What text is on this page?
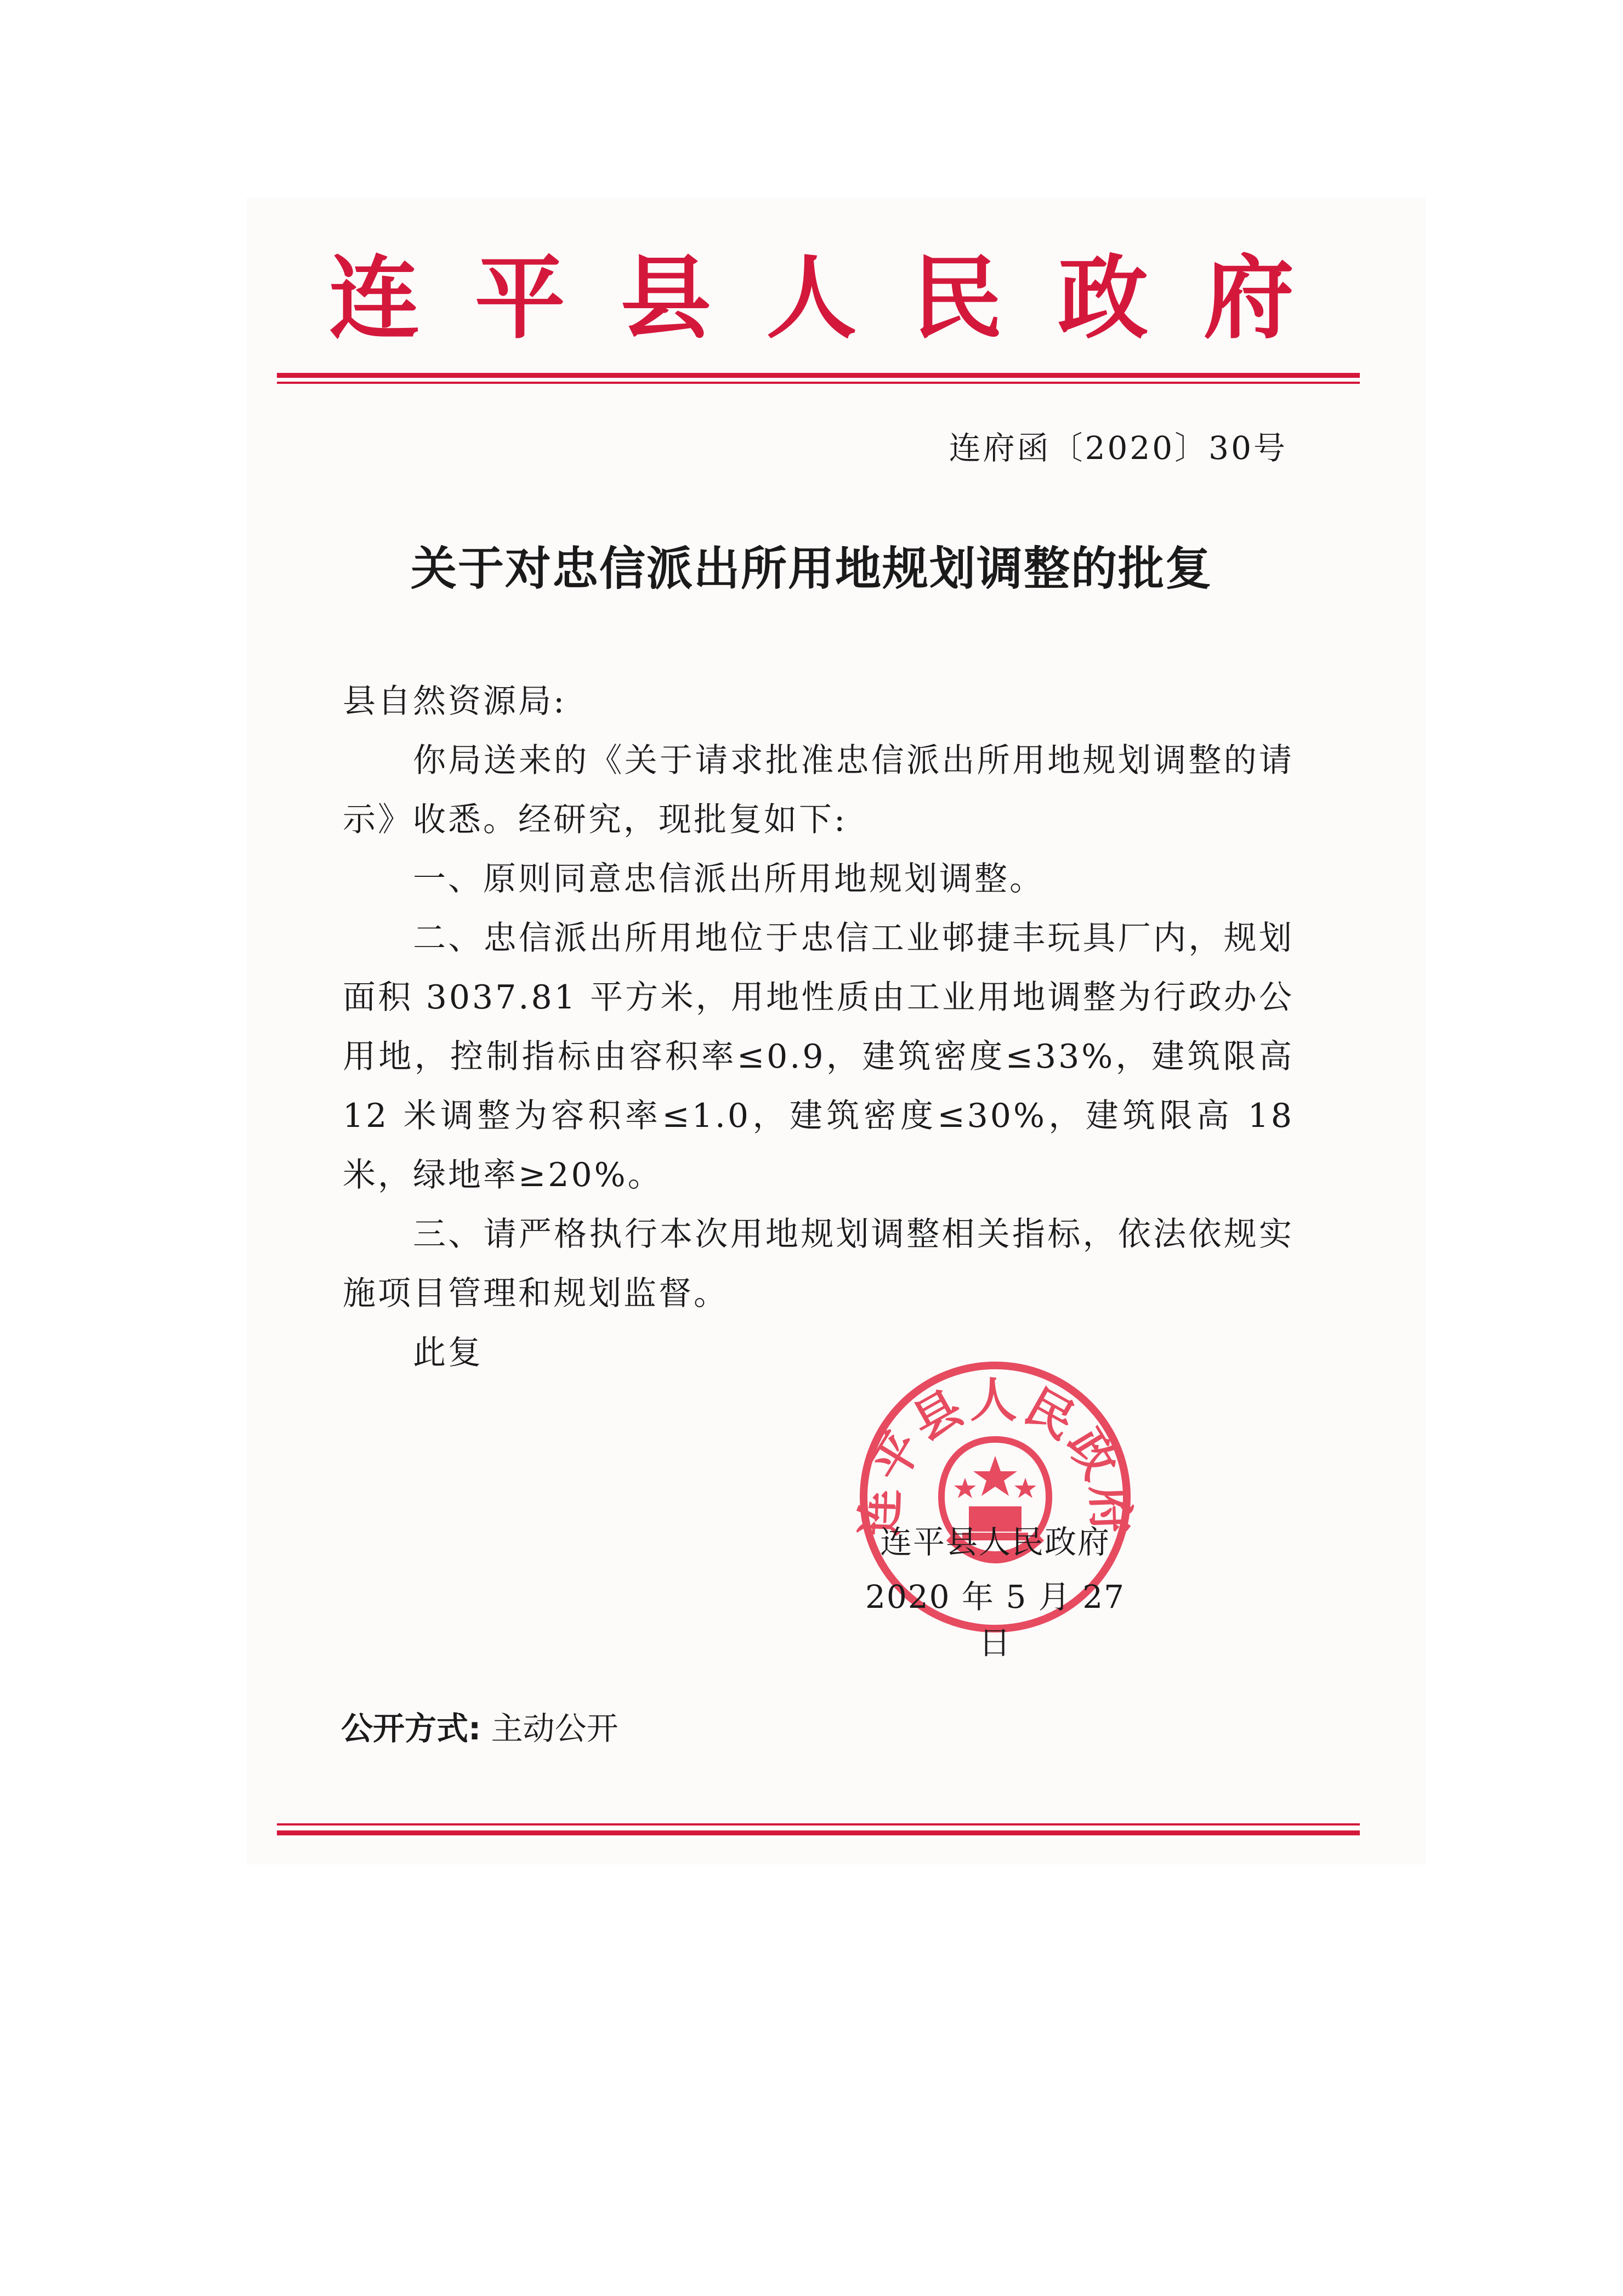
连 平 县 人 民 政 府
连府函〔2020〕30号
关于对忠信派出所用地规划调整的批复

县自然资源局:

你局送来的《关于请求批准忠信派出所用地规划调整的请示》收悉。经研究，现批复如下:

一、原则同意忠信派出所用地规划调整。

二、忠信派出所用地位于忠信工业邨捷丰玩具厂内，规划面积 3037.81 平方米，用地性质由工业用地调整为行政办公用地，控制指标由容积率≤0.9，建筑密度≤33%，建筑限高 12 米调整为容积率≤1.0，建筑密度≤30%，建筑限高 18 米，绿地率≥20%。

三、请严格执行本次用地规划调整相关指标，依法依规实施项目管理和规划监督。

此复

连平县人民政府
连平县人民政府
2020 年 5 月 27 日
公开方式: 主动公开
